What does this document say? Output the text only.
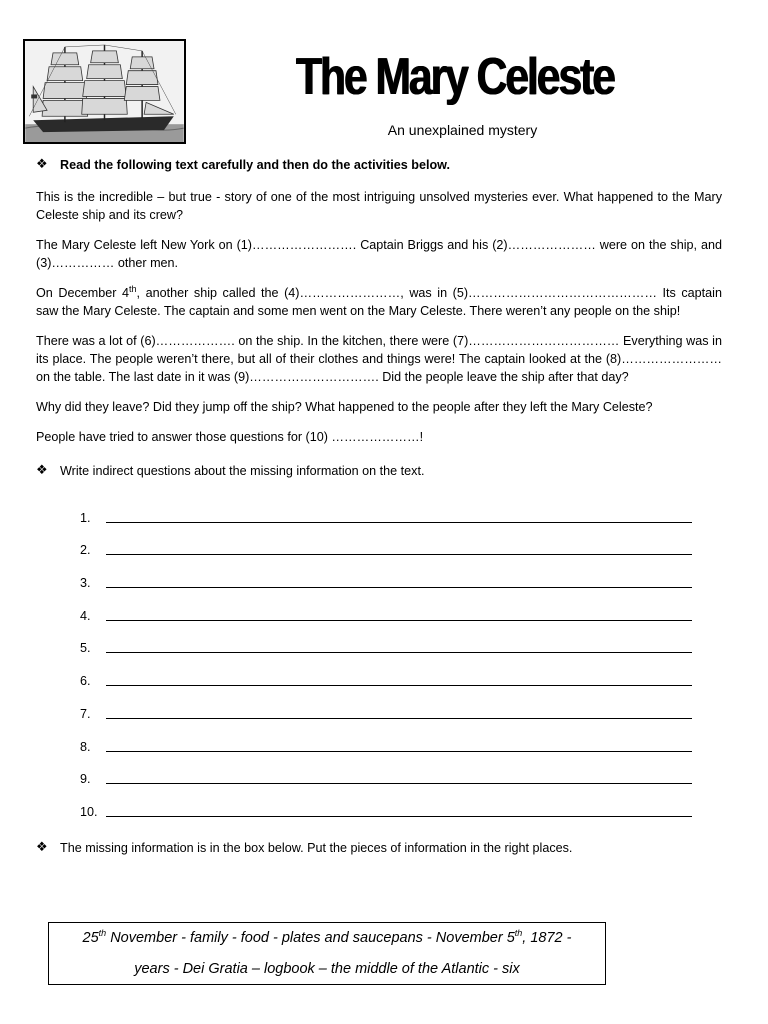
The Mary Celeste
An unexplained mystery
❖ Read the following text carefully and then do the activities below.

This is the incredible – but true - story of one of the most intriguing unsolved mysteries ever. What happened to the Mary Celeste ship and its crew?

The Mary Celeste left New York on (1)……………………. Captain Briggs and his (2)………………… were on the ship, and (3)…………… other men.

On December 4th, another ship called the (4)……………………, was in (5)……………………………………… Its captain saw the Mary Celeste. The captain and some men went on the Mary Celeste. There weren’t any people on the ship!

There was a lot of (6)………………. on the ship. In the kitchen, there were (7)……………………………… Everything was in its place. The people weren’t there, but all of their clothes and things were! The captain looked at the (8)…………………… on the table. The last date in it was (9)…………………………. Did the people leave the ship after that day?

Why did they leave? Did they jump off the ship? What happened to the people after they left the Mary Celeste?

People have tried to answer those questions for (10) …………………!

❖ Write indirect questions about the missing information on the text.
1.
2.
3.
4.
5.
6.
7.
8.
9.
10.
❖ The missing information is in the box below. Put the pieces of information in the right places.
25th November - family - food - plates and saucepans - November 5th, 1872 -
years - Dei Gratia – logbook – the middle of the Atlantic - six
